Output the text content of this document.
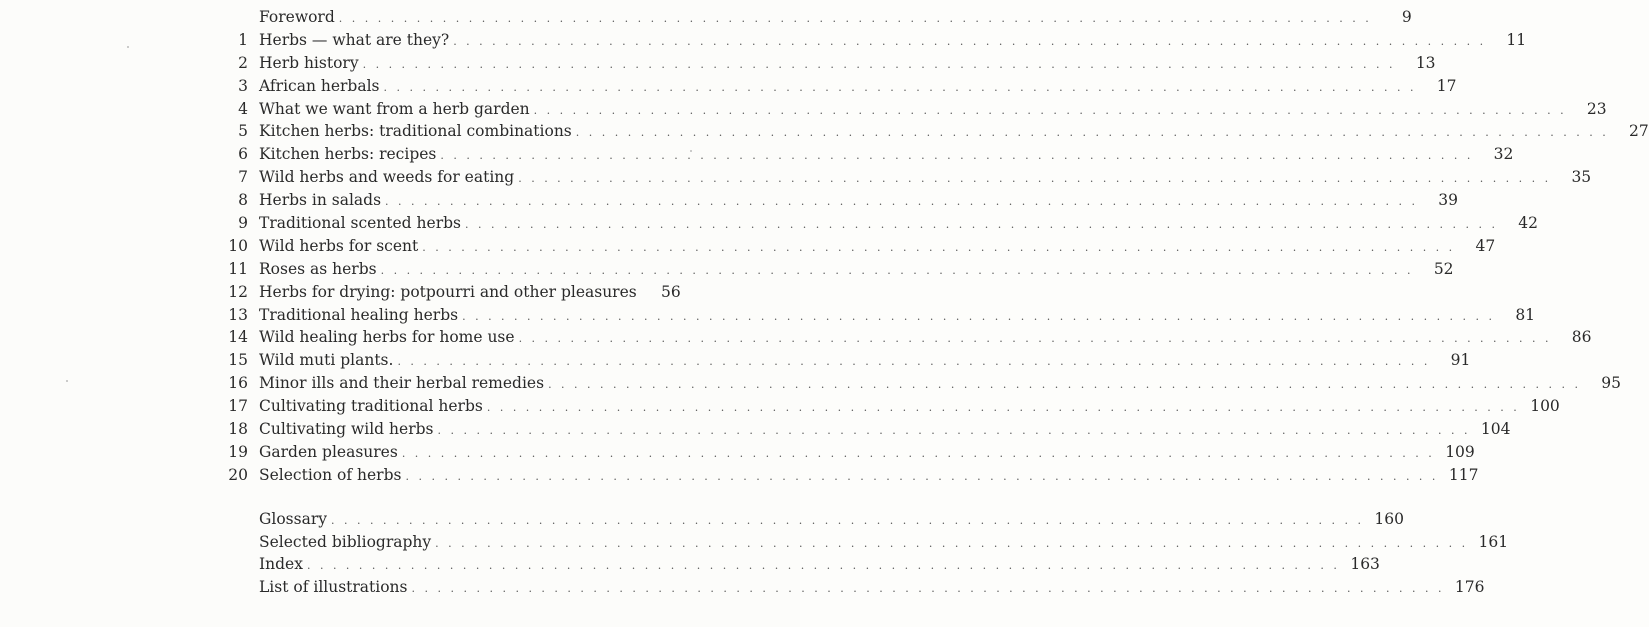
Foreword . . . . . . . . . . . . . . . . . . . . . . . . . . . . . . . . . . . . . . . . . . . . . . . . . . . . . . . . . . . . . . . . . . . . . . . . . . . . . . . .	9
1 Herbs — what are they? . . . . . . . . . . . . . . . . . . . . . . . . . . . . . . . . . . . . . . . . . . . . . . . . . . . . . . . . . . . . . . . . . . . . . . . . . . . . . . . .	11
2 Herb history . . . . . . . . . . . . . . . . . . . . . . . . . . . . . . . . . . . . . . . . . . . . . . . . . . . . . . . . . . . . . . . . . . . . . . . . . . . . . . . .	13
3 African herbals . . . . . . . . . . . . . . . . . . . . . . . . . . . . . . . . . . . . . . . . . . . . . . . . . . . . . . . . . . . . . . . . . . . . . . . . . . . . . . . .	17
4 What we want from a herb garden . . . . . . . . . . . . . . . . . . . . . . . . . . . . . . . . . . . . . . . . . . . . . . . . . . . . . . . . . . . . . . . . . . . . . . . . . . . . . . . .	23
5 Kitchen herbs: traditional combinations . . . . . . . . . . . . . . . . . . . . . . . . . . . . . . . . . . . . . . . . . . . . . . . . . . . . . . . . . . . . . . . . . . . . . . . . . . . . . . . .	27
6 Kitchen herbs: recipes . . . . . . . . . . . . . . . . . . . . . . . . . . . . . . . . . . . . . . . . . . . . . . . . . . . . . . . . . . . . . . . . . . . . . . . . . . . . . . . .	32
7 Wild herbs and weeds for eating . . . . . . . . . . . . . . . . . . . . . . . . . . . . . . . . . . . . . . . . . . . . . . . . . . . . . . . . . . . . . . . . . . . . . . . . . . . . . . . .	35
8 Herbs in salads . . . . . . . . . . . . . . . . . . . . . . . . . . . . . . . . . . . . . . . . . . . . . . . . . . . . . . . . . . . . . . . . . . . . . . . . . . . . . . . .	39
9 Traditional scented herbs . . . . . . . . . . . . . . . . . . . . . . . . . . . . . . . . . . . . . . . . . . . . . . . . . . . . . . . . . . . . . . . . . . . . . . . . . . . . . . . .	42
10 Wild herbs for scent . . . . . . . . . . . . . . . . . . . . . . . . . . . . . . . . . . . . . . . . . . . . . . . . . . . . . . . . . . . . . . . . . . . . . . . . . . . . . . . .	47
11 Roses as herbs . . . . . . . . . . . . . . . . . . . . . . . . . . . . . . . . . . . . . . . . . . . . . . . . . . . . . . . . . . . . . . . . . . . . . . . . . . . . . . . .	52
12 Herbs for drying: potpourri and other pleasures	56
13 Traditional healing herbs . . . . . . . . . . . . . . . . . . . . . . . . . . . . . . . . . . . . . . . . . . . . . . . . . . . . . . . . . . . . . . . . . . . . . . . . . . . . . . . .	81
14 Wild healing herbs for home use . . . . . . . . . . . . . . . . . . . . . . . . . . . . . . . . . . . . . . . . . . . . . . . . . . . . . . . . . . . . . . . . . . . . . . . . . . . . . . . .	86
15 Wild muti plants. . . . . . . . . . . . . . . . . . . . . . . . . . . . . . . . . . . . . . . . . . . . . . . . . . . . . . . . . . . . . . . . . . . . . . . . . . . . . . . . .	91
16 Minor ills and their herbal remedies . . . . . . . . . . . . . . . . . . . . . . . . . . . . . . . . . . . . . . . . . . . . . . . . . . . . . . . . . . . . . . . . . . . . . . . . . . . . . . . .	95
17 Cultivating traditional herbs . . . . . . . . . . . . . . . . . . . . . . . . . . . . . . . . . . . . . . . . . . . . . . . . . . . . . . . . . . . . . . . . . . . . . . . . . . . . . . . . 100
18 Cultivating wild herbs . . . . . . . . . . . . . . . . . . . . . . . . . . . . . . . . . . . . . . . . . . . . . . . . . . . . . . . . . . . . . . . . . . . . . . . . . . . . . . . . 104
19 Garden pleasures . . . . . . . . . . . . . . . . . . . . . . . . . . . . . . . . . . . . . . . . . . . . . . . . . . . . . . . . . . . . . . . . . . . . . . . . . . . . . . . . 109
20 Selection of herbs . . . . . . . . . . . . . . . . . . . . . . . . . . . . . . . . . . . . . . . . . . . . . . . . . . . . . . . . . . . . . . . . . . . . . . . . . . . . . . . . 117
Glossary . . . . . . . . . . . . . . . . . . . . . . . . . . . . . . . . . . . . . . . . . . . . . . . . . . . . . . . . . . . . . . . . . . . . . . . . . . . . . . . . 160
Selected bibliography . . . . . . . . . . . . . . . . . . . . . . . . . . . . . . . . . . . . . . . . . . . . . . . . . . . . . . . . . . . . . . . . . . . . . . . . . . . . . . . . 161
Index . . . . . . . . . . . . . . . . . . . . . . . . . . . . . . . . . . . . . . . . . . . . . . . . . . . . . . . . . . . . . . . . . . . . . . . . . . . . . . . . 163
List of illustrations . . . . . . . . . . . . . . . . . . . . . . . . . . . . . . . . . . . . . . . . . . . . . . . . . . . . . . . . . . . . . . . . . . . . . . . . . . . . . . . . 176
